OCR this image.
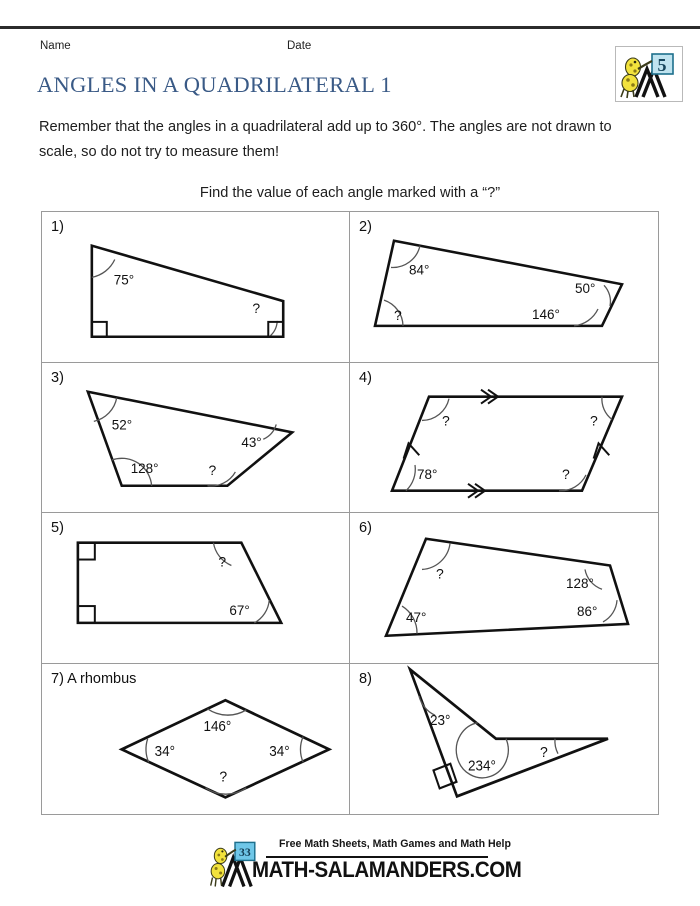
Name	Date
5
ANGLES IN A QUADRILATERAL 1
Remember that the angles in a quadrilateral add up to 360°. The angles are not drawn to scale, so do not try to measure them!
Find the value of each angle marked with a “?”
1)
75°
?
2)
84°
50°
146°
?
3)
52°
43°
128°	?
4)
?	?
78°	?
5)
?
67°
6)
?
128°
86°
47°
7) A rhombus
146°
34°	34°
?
8)
23°
234°
?
33
Free Math Sheets, Math Games and Math Help
MATH-SALAMANDERS.COM
